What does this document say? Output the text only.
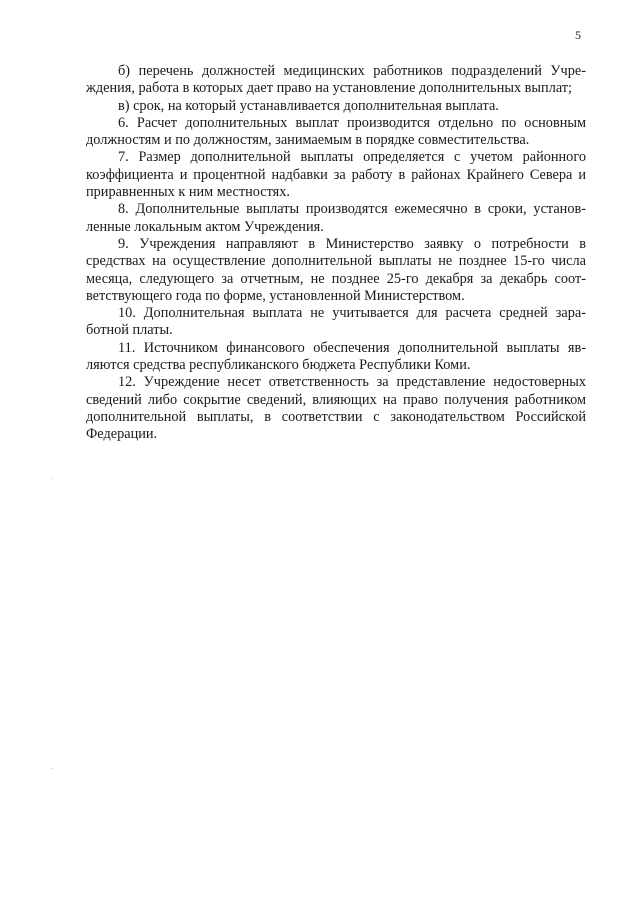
5

б) перечень должностей медицинских работников подразделений Учреждения, работа в которых дает право на установление дополнительных выплат;

в) срок, на который устанавливается дополнительная выплата.

6. Расчет дополнительных выплат производится отдельно по основным должностям и по должностям, занимаемым в порядке совместительства.

7. Размер дополнительной выплаты определяется с учетом районного коэффициента и процентной надбавки за работу в районах Крайнего Севера и приравненных к ним местностях.

8. Дополнительные выплаты производятся ежемесячно в сроки, установленные локальным актом Учреждения.

9. Учреждения направляют в Министерство заявку о потребности в средствах на осуществление дополнительной выплаты не позднее 15-го числа месяца, следующего за отчетным, не позднее 25-го декабря за декабрь соответствующего года по форме, установленной Министерством.

10. Дополнительная выплата не учитывается для расчета средней заработной платы.

11. Источником финансового обеспечения дополнительной выплаты являются средства республиканского бюджета Республики Коми.

12. Учреждение несет ответственность за представление недостоверных сведений либо сокрытие сведений, влияющих на право получения работником дополнительной выплаты, в соответствии с законодательством Российской Федерации.
